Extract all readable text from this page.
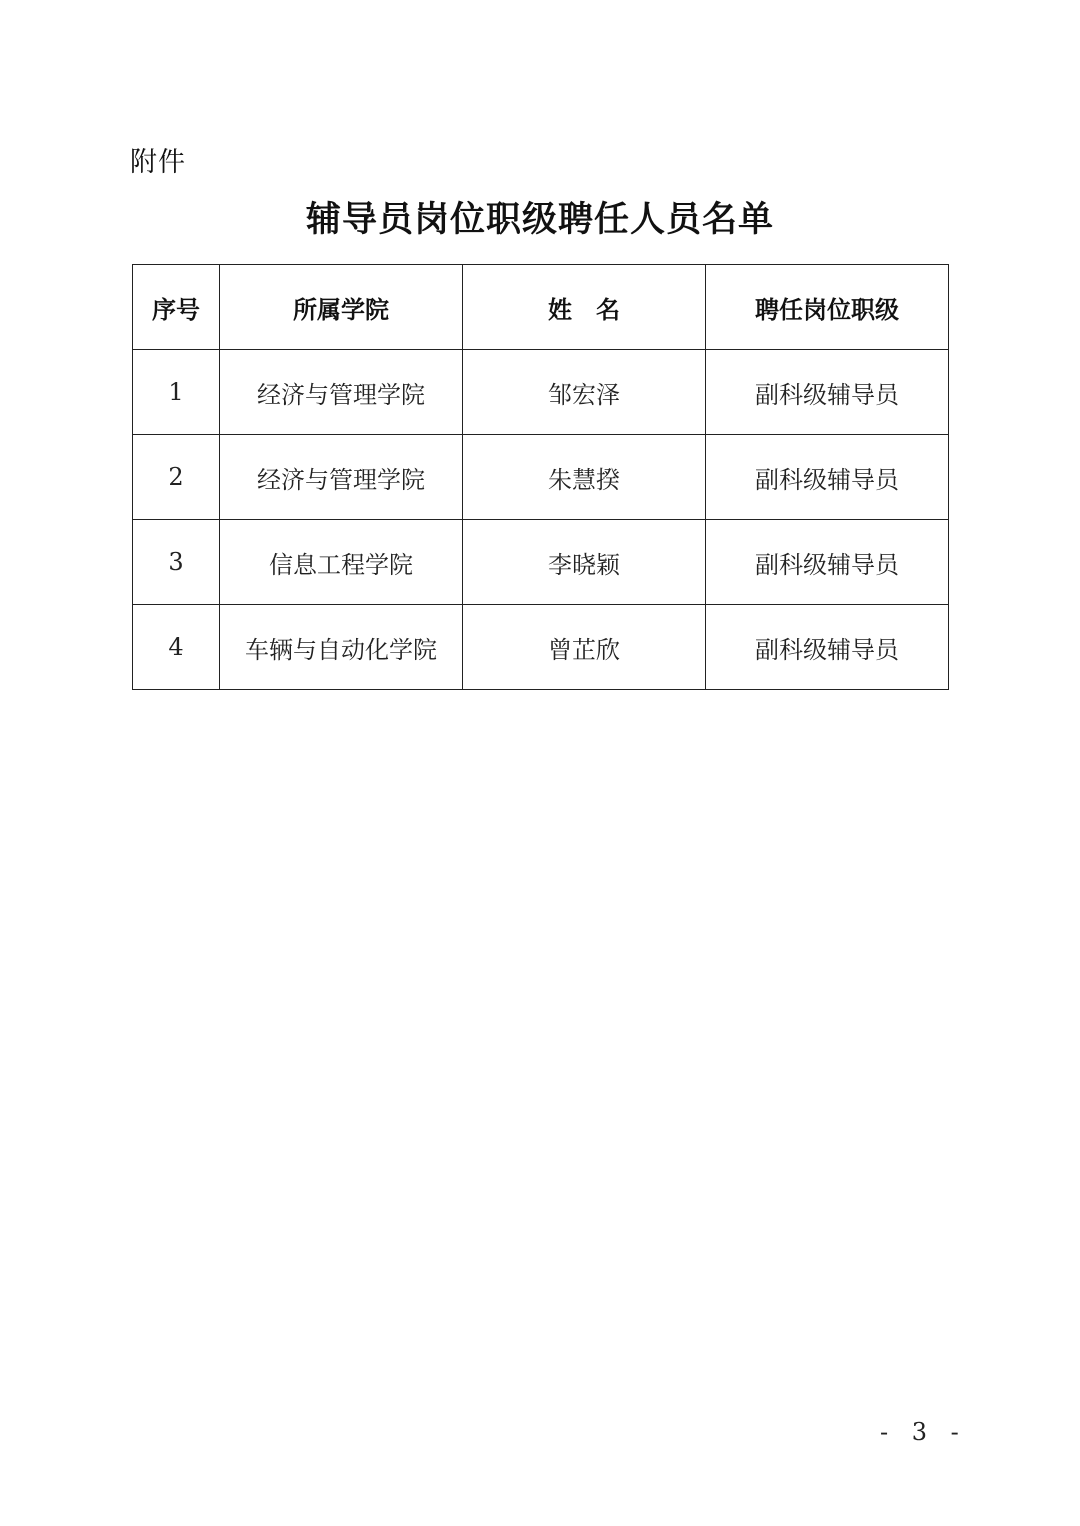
附件
辅导员岗位职级聘任人员名单
序号	所属学院	姓　名	聘任岗位职级
1	经济与管理学院	邹宏泽	副科级辅导员
2	经济与管理学院	朱慧揆	副科级辅导员
3	信息工程学院	李晓颖	副科级辅导员
4	车辆与自动化学院	曾芷欣	副科级辅导员
- 3 -
